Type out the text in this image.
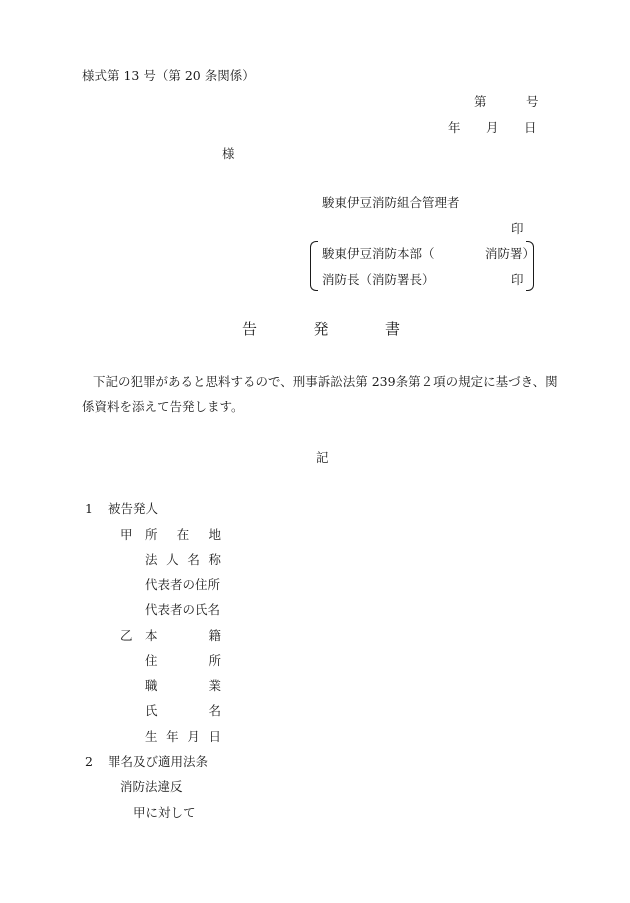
様式第 13 号（第 20 条関係）
第	号
年 月 日
様
駿東伊豆消防組合管理者
印
駿東伊豆消防本部（	消防署）
消防長（消防署長）	印
告	発	書
下記の犯罪があると思料するので、刑事訴訟法第 239条第２項の規定に基づき、関
係資料を添えて告発します。
記
1 被告発人
甲 所 在 地
法 人 名 称
代表者の住所
代表者の氏名
乙 本	籍
住	所
職	業
氏	名
生 年 月 日
2 罪名及び適用法条
消防法違反
甲に対して
